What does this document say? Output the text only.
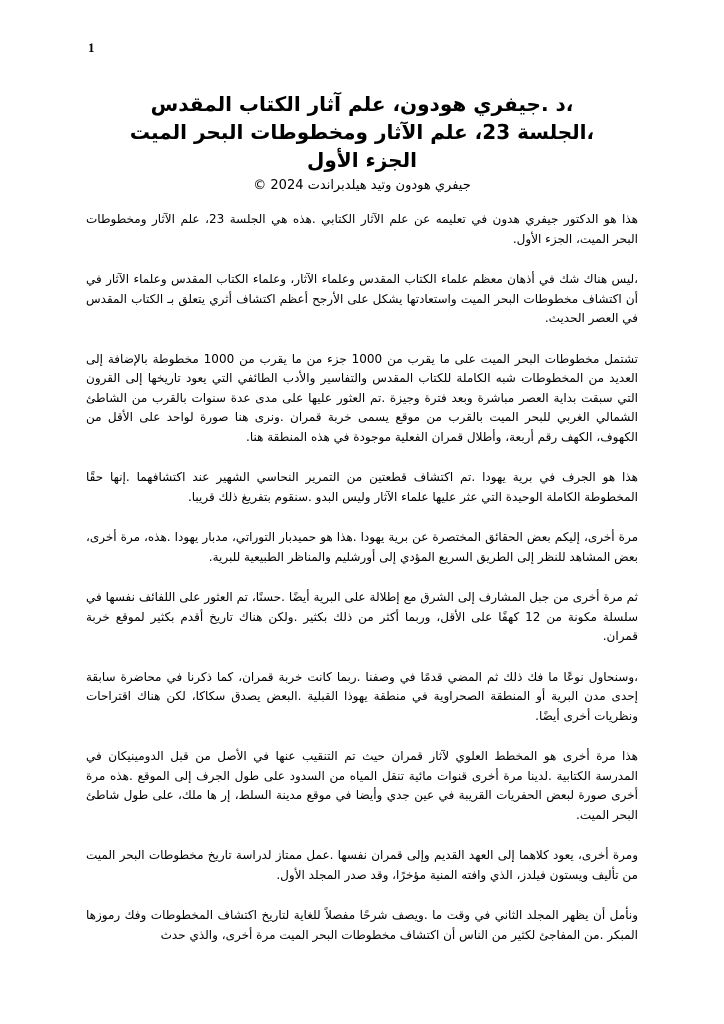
1
،د .جيفري هودون، علم آثار الكتاب المقدس
،الجلسة 23، علم الآثار ومخطوطات البحر الميت
الجزء الأول
جيفري هودون وتيد هيلدبراندت 2024 ©

هذا هو الدكتور جيفري هدون في تعليمه عن علم الآثار الكتابي .هذه هي الجلسة 23، علم الآثار ومخطوطات البحر الميت، الجزء الأول.

،ليس هناك شك في أذهان معظم علماء الكتاب المقدس وعلماء الآثار، وعلماء الكتاب المقدس وعلماء الآثار في أن اكتشاف مخطوطات البحر الميت واستعادتها يشكل على الأرجح أعظم اكتشاف أثري يتعلق بـ الكتاب المقدس في العصر الحديث.

تشتمل مخطوطات البحر الميت على ما يقرب من 1000 جزء من ما يقرب من 1000 مخطوطة بالإضافة إلى العديد من المخطوطات شبه الكاملة للكتاب المقدس والتفاسير والأدب الطائفي التي يعود تاريخها إلى القرون التي سبقت بداية العصر مباشرة وبعد فترة وجيزة .تم العثور عليها على مدى عدة سنوات بالقرب من الشاطئ الشمالي الغربي للبحر الميت بالقرب من موقع يسمى خربة قمران .ونرى هنا صورة لواحد على الأقل من الكهوف، الكهف رقم أربعة، وأطلال قمران الفعلية موجودة في هذه المنطقة هنا.

هذا هو الجرف في برية يهودا .تم اكتشاف قطعتين من التمرير النحاسي الشهير عند اكتشافهما .إنها حقًا المخطوطة الكاملة الوحيدة التي عثر عليها علماء الآثار وليس البدو .سنقوم بتفريغ ذلك قريبا.

مرة أخرى، إليكم بعض الحقائق المختصرة عن برية يهودا .هذا هو حميدبار التوراتي، مدبار يهودا .هذه، مرة أخرى، بعض المشاهد للنظر إلى الطريق السريع المؤدي إلى أورشليم والمناظر الطبيعية للبرية.

ثم مرة أخرى من جبل المشارف إلى الشرق مع إطلالة على البرية أيضًا .حسنًا، تم العثور على اللفائف نفسها في سلسلة مكونة من 12 كهفًا على الأقل، وربما أكثر من ذلك بكثير .ولكن هناك تاريخ أقدم بكثير لموقع خربة قمران.

،وسنحاول نوعًا ما فك ذلك ثم المضي قدمًا في وصفنا .ربما كانت خربة قمران، كما ذكرنا في محاضرة سابقة إحدى مدن البرية أو المنطقة الصحراوية في منطقة يهوذا القبلية .البعض يصدق سكاكا، لكن هناك اقتراحات ونظريات أخرى أيضًا.

هذا مرة أخرى هو المخطط العلوي لآثار قمران حيث تم التنقيب عنها في الأصل من قبل الدومينيكان في المدرسة الكتابية .لدينا مرة أخرى قنوات مائية تنقل المياه من السدود على طول الجرف إلى الموقع .هذه مرة أخرى صورة لبعض الحفريات القريبة في عين جدي وأيضا في موقع مدينة السلط، إر ها ملك، على طول شاطئ البحر الميت.

ومرة أخرى، يعود كلاهما إلى العهد القديم وإلى قمران نفسها .عمل ممتاز لدراسة تاريخ مخطوطات البحر الميت من تأليف ويستون فيلدز، الذي وافته المنية مؤخرًا، وقد صدر المجلد الأول.

ونأمل أن يظهر المجلد الثاني في وقت ما .ويصف شرحًا مفصلاً للغاية لتاريخ اكتشاف المخطوطات وفك رموزها المبكر .من المفاجئ لكثير من الناس أن اكتشاف مخطوطات البحر الميت مرة أخرى، والذي حدث
